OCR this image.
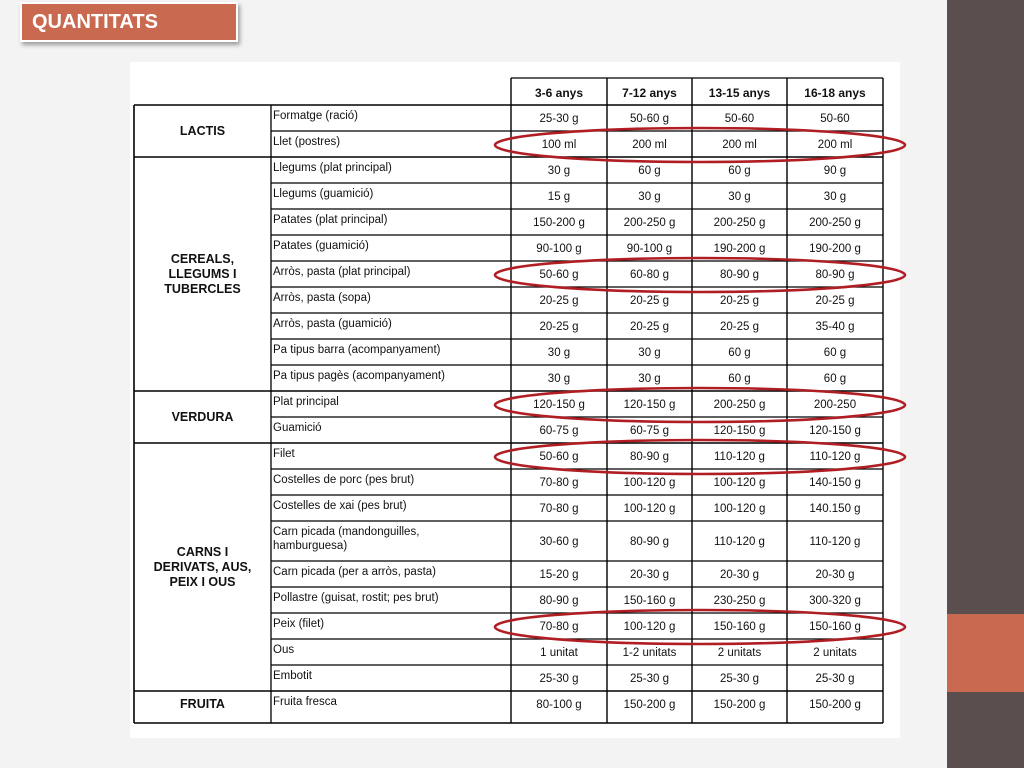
QUANTITATS
3-6 anys	7-12 anys	13-15 anys	16-18 anys
Formatge (ració)	25-30 g	50-60 g	50-60	50-60
Llet (postres)	100 ml	200 ml	200 ml	200 ml
LACTIS
Llegums (plat principal)	30 g	60 g	60 g	90 g
Llegums (guamició)	15 g	30 g	30 g	30 g
Patates (plat principal)	150-200 g	200-250 g	200-250 g	200-250 g
Patates (guamició)	90-100 g	90-100 g	190-200 g	190-200 g
Arròs, pasta (plat principal)	50-60 g	60-80 g	80-90 g	80-90 g
Arròs, pasta (sopa)	20-25 g	20-25 g	20-25 g	20-25 g
Arròs, pasta (guamició)	20-25 g	20-25 g	20-25 g	35-40 g
Pa tipus barra (acompanyament)	30 g	30 g	60 g	60 g
Pa tipus pagès (acompanyament)	30 g	30 g	60 g	60 g
CEREALS,
LLEGUMS I
TUBERCLES
Plat principal	120-150 g	120-150 g	200-250 g	200-250
Guamició	60-75 g	60-75 g	120-150 g	120-150 g
VERDURA
Filet	50-60 g	80-90 g	110-120 g	110-120 g
Costelles de porc (pes brut)	70-80 g	100-120 g	100-120 g	140-150 g
Costelles de xai (pes brut)	70-80 g	100-120 g	100-120 g	140.150 g
Carn picada (mandonguilles,
hamburguesa)	30-60 g	80-90 g	110-120 g	110-120 g
Carn picada (per a arròs, pasta)	15-20 g	20-30 g	20-30 g	20-30 g
Pollastre (guisat, rostit; pes brut)	80-90 g	150-160 g	230-250 g	300-320 g
Peix (filet)	70-80 g	100-120 g	150-160 g	150-160 g
Ous	1 unitat	1-2 unitats	2 unitats	2 unitats
Embotit	25-30 g	25-30 g	25-30 g	25-30 g
CARNS I
DERIVATS, AUS,
PEIX I OUS
Fruita fresca	80-100 g	150-200 g	150-200 g	150-200 g
FRUITA
